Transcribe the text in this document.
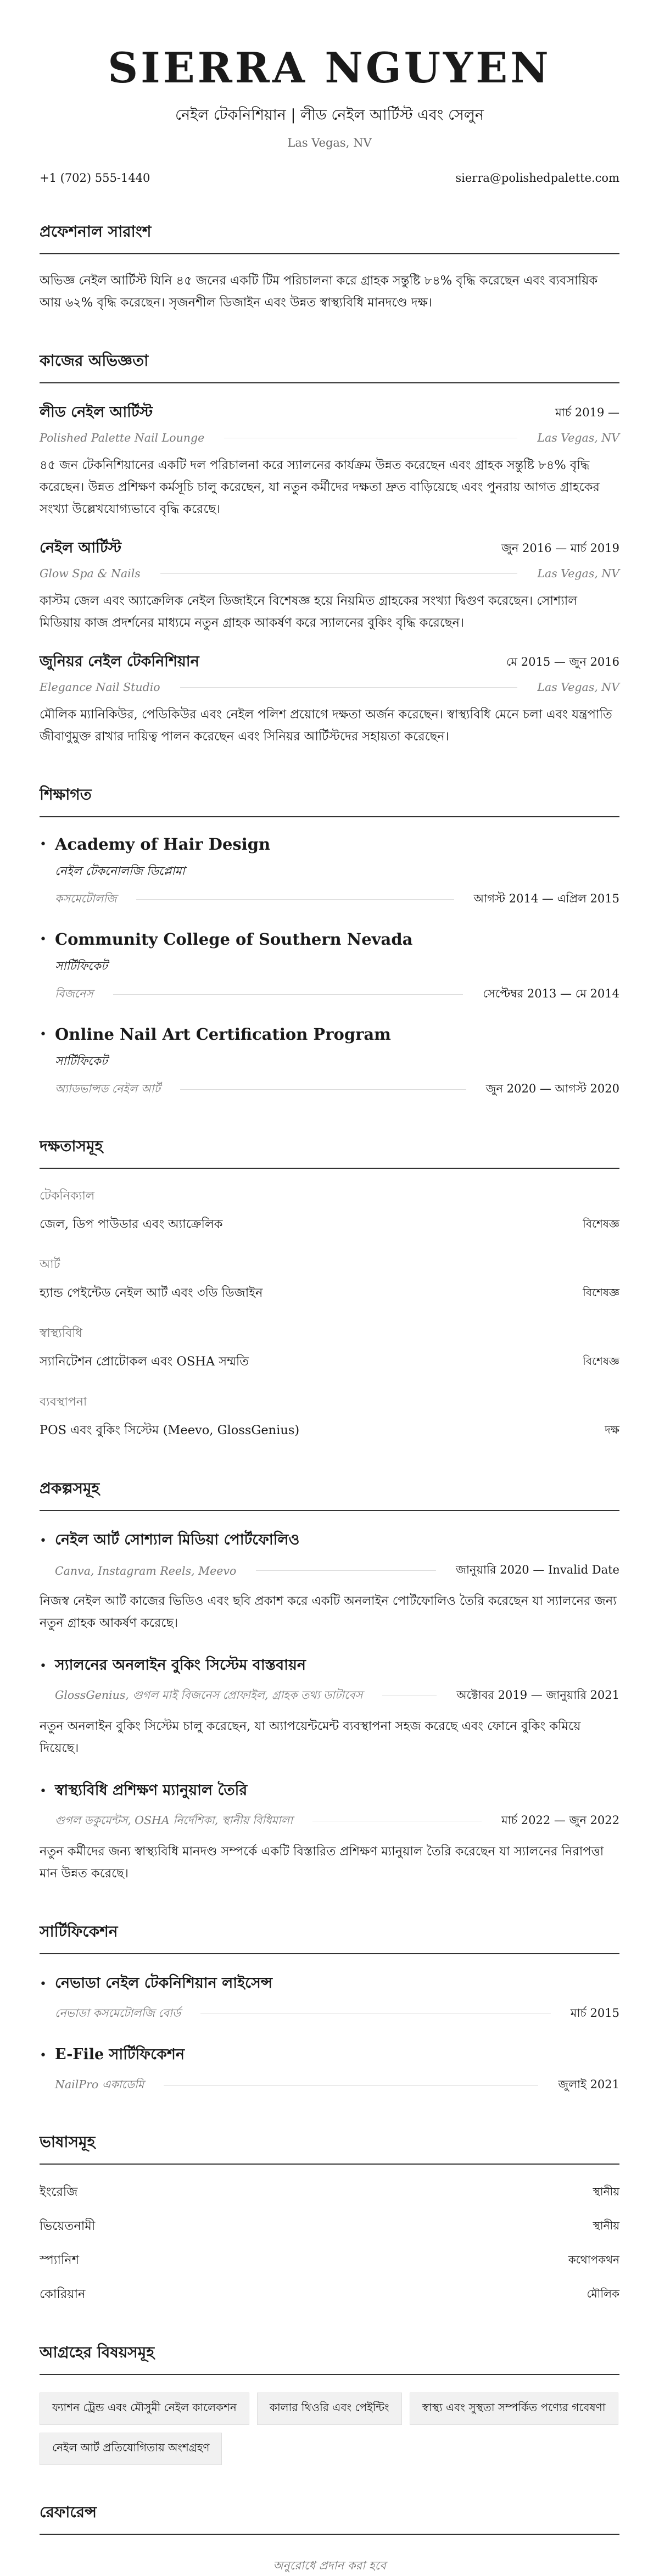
SIERRA NGUYEN
নেইল টেকনিশিয়ান | লীড নেইল আর্টিস্ট এবং সেলুন
Las Vegas, NV
+1 (702) 555-1440	sierra@polishedpalette.com
প্রফেশনাল সারাংশ
অভিজ্ঞ নেইল আর্টিস্ট যিনি ৪৫ জনের একটি টিম পরিচালনা করে গ্রাহক সন্তুষ্টি ৮৪% বৃদ্ধি করেছেন এবং ব্যবসায়িক আয় ৬২% বৃদ্ধি করেছেন। সৃজনশীল ডিজাইন এবং উন্নত স্বাস্থ্যবিধি মানদণ্ডে দক্ষ।
কাজের অভিজ্ঞতা
লীড নেইল আর্টিস্ট	মার্চ 2019 —
Polished Palette Nail Lounge	Las Vegas, NV
৪৫ জন টেকনিশিয়ানের একটি দল পরিচালনা করে স্যালনের কার্যক্রম উন্নত করেছেন এবং গ্রাহক সন্তুষ্টি ৮৪% বৃদ্ধি করেছেন। উন্নত প্রশিক্ষণ কর্মসূচি চালু করেছেন, যা নতুন কর্মীদের দক্ষতা দ্রুত বাড়িয়েছে এবং পুনরায় আগত গ্রাহকের সংখ্যা উল্লেখযোগ্যভাবে বৃদ্ধি করেছে।
নেইল আর্টিস্ট	জুন 2016 — মার্চ 2019
Glow Spa & Nails	Las Vegas, NV
কাস্টম জেল এবং অ্যাক্রেলিক নেইল ডিজাইনে বিশেষজ্ঞ হয়ে নিয়মিত গ্রাহকের সংখ্যা দ্বিগুণ করেছেন। সোশ্যাল মিডিয়ায় কাজ প্রদর্শনের মাধ্যমে নতুন গ্রাহক আকর্ষণ করে স্যালনের বুকিং বৃদ্ধি করেছেন।
জুনিয়র নেইল টেকনিশিয়ান	মে 2015 — জুন 2016
Elegance Nail Studio	Las Vegas, NV
মৌলিক ম্যানিকিউর, পেডিকিউর এবং নেইল পলিশ প্রয়োগে দক্ষতা অর্জন করেছেন। স্বাস্থ্যবিধি মেনে চলা এবং যন্ত্রপাতি জীবাণুমুক্ত রাখার দায়িত্ব পালন করেছেন এবং সিনিয়র আর্টিস্টদের সহায়তা করেছেন।
শিক্ষাগত
• Academy of Hair Design
নেইল টেকনোলজি ডিপ্লোমা
কসমেটোলজি	আগস্ট 2014 — এপ্রিল 2015
• Community College of Southern Nevada
সার্টিফিকেট
বিজনেস	সেপ্টেম্বর 2013 — মে 2014
• Online Nail Art Certification Program
সার্টিফিকেট
অ্যাডভান্সড নেইল আর্ট	জুন 2020 — আগস্ট 2020
দক্ষতাসমূহ
টেকনিক্যাল
জেল, ডিপ পাউডার এবং অ্যাক্রেলিক	বিশেষজ্ঞ
আর্ট
হ্যান্ড পেইন্টেড নেইল আর্ট এবং ৩ডি ডিজাইন	বিশেষজ্ঞ
স্বাস্থ্যবিধি
স্যানিটেশন প্রোটোকল এবং OSHA সম্মতি	বিশেষজ্ঞ
ব্যবস্থাপনা
POS এবং বুকিং সিস্টেম (Meevo, GlossGenius)	দক্ষ
প্রকল্পসমূহ
• নেইল আর্ট সোশ্যাল মিডিয়া পোর্টফোলিও
Canva, Instagram Reels, Meevo	জানুয়ারি 2020 — Invalid Date
নিজস্ব নেইল আর্ট কাজের ভিডিও এবং ছবি প্রকাশ করে একটি অনলাইন পোর্টফোলিও তৈরি করেছেন যা স্যালনের জন্য নতুন গ্রাহক আকর্ষণ করেছে।
• স্যালনের অনলাইন বুকিং সিস্টেম বাস্তবায়ন
GlossGenius, গুগল মাই বিজনেস প্রোফাইল, গ্রাহক তথ্য ডাটাবেস	অক্টোবর 2019 — জানুয়ারি 2021
নতুন অনলাইন বুকিং সিস্টেম চালু করেছেন, যা অ্যাপয়েন্টমেন্ট ব্যবস্থাপনা সহজ করেছে এবং ফোনে বুকিং কমিয়ে দিয়েছে।
• স্বাস্থ্যবিধি প্রশিক্ষণ ম্যানুয়াল তৈরি
গুগল ডকুমেন্টস, OSHA নির্দেশিকা, স্থানীয় বিধিমালা	মার্চ 2022 — জুন 2022
নতুন কর্মীদের জন্য স্বাস্থ্যবিধি মানদণ্ড সম্পর্কে একটি বিস্তারিত প্রশিক্ষণ ম্যানুয়াল তৈরি করেছেন যা স্যালনের নিরাপত্তা মান উন্নত করেছে।
সার্টিফিকেশন
• নেভাডা নেইল টেকনিশিয়ান লাইসেন্স
নেভাডা কসমেটোলজি বোর্ড	মার্চ 2015
• E-File সার্টিফিকেশন
NailPro একাডেমি	জুলাই 2021
ভাষাসমূহ
ইংরেজি	স্থানীয়
ভিয়েতনামী	স্থানীয়
স্প্যানিশ	কথোপকথন
কোরিয়ান	মৌলিক
আগ্রহের বিষয়সমূহ
ফ্যাশন ট্রেন্ড এবং মৌসুমী নেইল কালেকশন	কালার থিওরি এবং পেইন্টিং	স্বাস্থ্য এবং সুস্থতা সম্পর্কিত পণ্যের গবেষণা
নেইল আর্ট প্রতিযোগিতায় অংশগ্রহণ
রেফারেন্স
অনুরোধে প্রদান করা হবে
